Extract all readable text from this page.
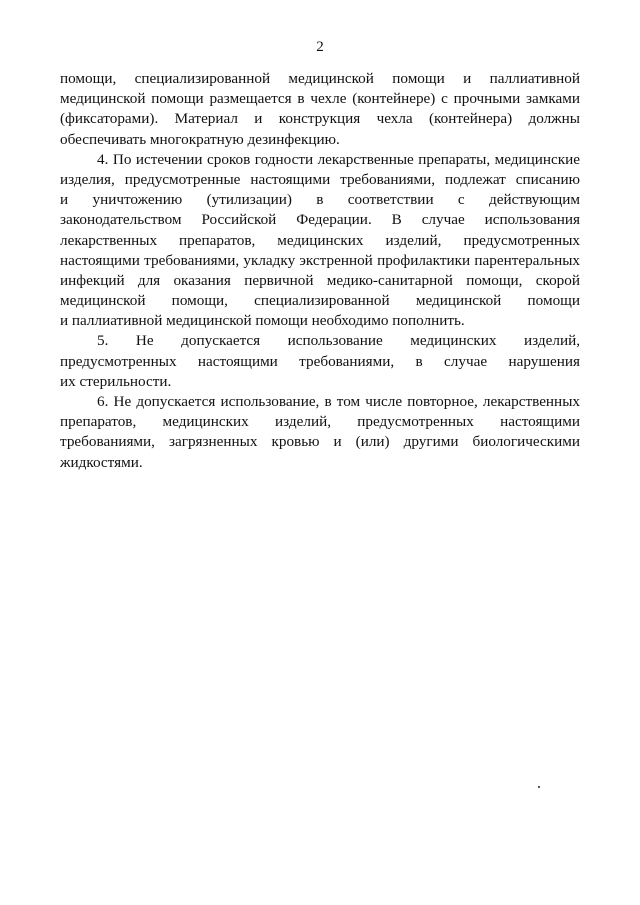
2
помощи, специализированной медицинской помощи и паллиативной
медицинской помощи размещается в чехле (контейнере) с прочными замками
(фиксаторами). Материал и конструкция чехла (контейнера) должны
обеспечивать многократную дезинфекцию.
4. По истечении сроков годности лекарственные препараты, медицинские
изделия, предусмотренные настоящими требованиями, подлежат списанию
и уничтожению (утилизации) в соответствии с действующим
законодательством Российской Федерации. В случае использования
лекарственных препаратов, медицинских изделий, предусмотренных
настоящими требованиями, укладку экстренной профилактики парентеральных
инфекций для оказания первичной медико-санитарной помощи, скорой
медицинской помощи, специализированной медицинской помощи
и паллиативной медицинской помощи необходимо пополнить.
5. Не допускается использование медицинских изделий,
предусмотренных настоящими требованиями, в случае нарушения
их стерильности.
6. Не допускается использование, в том числе повторное, лекарственных
препаратов, медицинских изделий, предусмотренных настоящими
требованиями, загрязненных кровью и (или) другими биологическими
жидкостями.
